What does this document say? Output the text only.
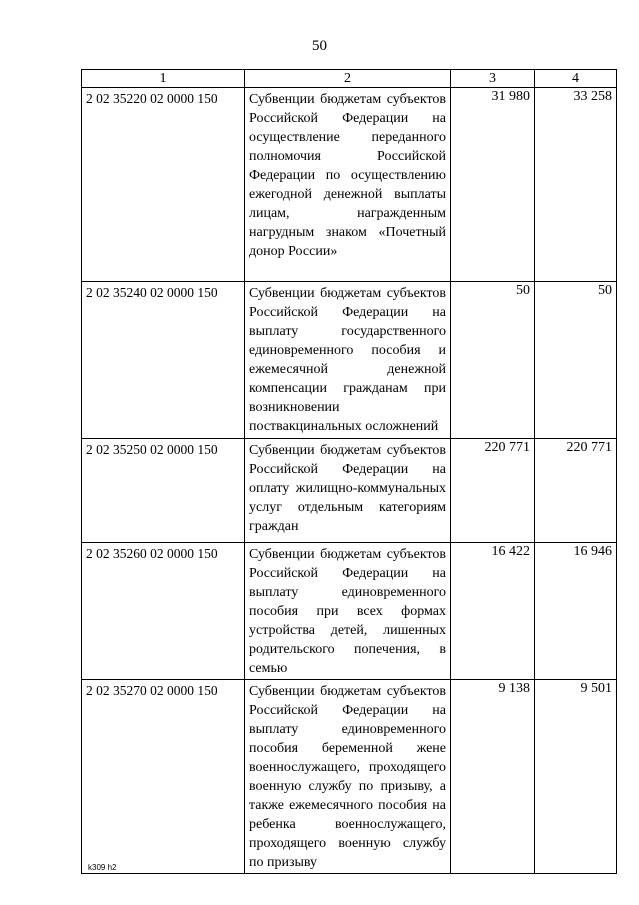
50
1	2	3	4
2 02 35220 02 0000 150	Субвенции бюджетам субъектов Российской Федерации на осуществление переданного полномочия Российской Федерации по осуществлению ежегодной денежной выплаты лицам, награжденным нагрудным знаком «Почетный донор России»	31 980	33 258
2 02 35240 02 0000 150	Субвенции бюджетам субъектов Российской Федерации на выплату государственного единовременного пособия и ежемесячной денежной компенсации гражданам при возникновении поствакцинальных осложнений	50	50
2 02 35250 02 0000 150	Субвенции бюджетам субъектов Российской Федерации на оплату жилищно-коммунальных услуг отдельным категориям граждан	220 771	220 771
2 02 35260 02 0000 150	Субвенции бюджетам субъектов Российской Федерации на выплату единовременного пособия при всех формах устройства детей, лишенных родительского попечения, в семью	16 422	16 946
2 02 35270 02 0000 150	Субвенции бюджетам субъектов Российской Федерации на выплату единовременного пособия беременной жене военнослужащего, проходящего военную службу по призыву, а также ежемесячного пособия на ребенка военнослужащего, проходящего военную службу по призыву	9 138	9 501
k309 h2
